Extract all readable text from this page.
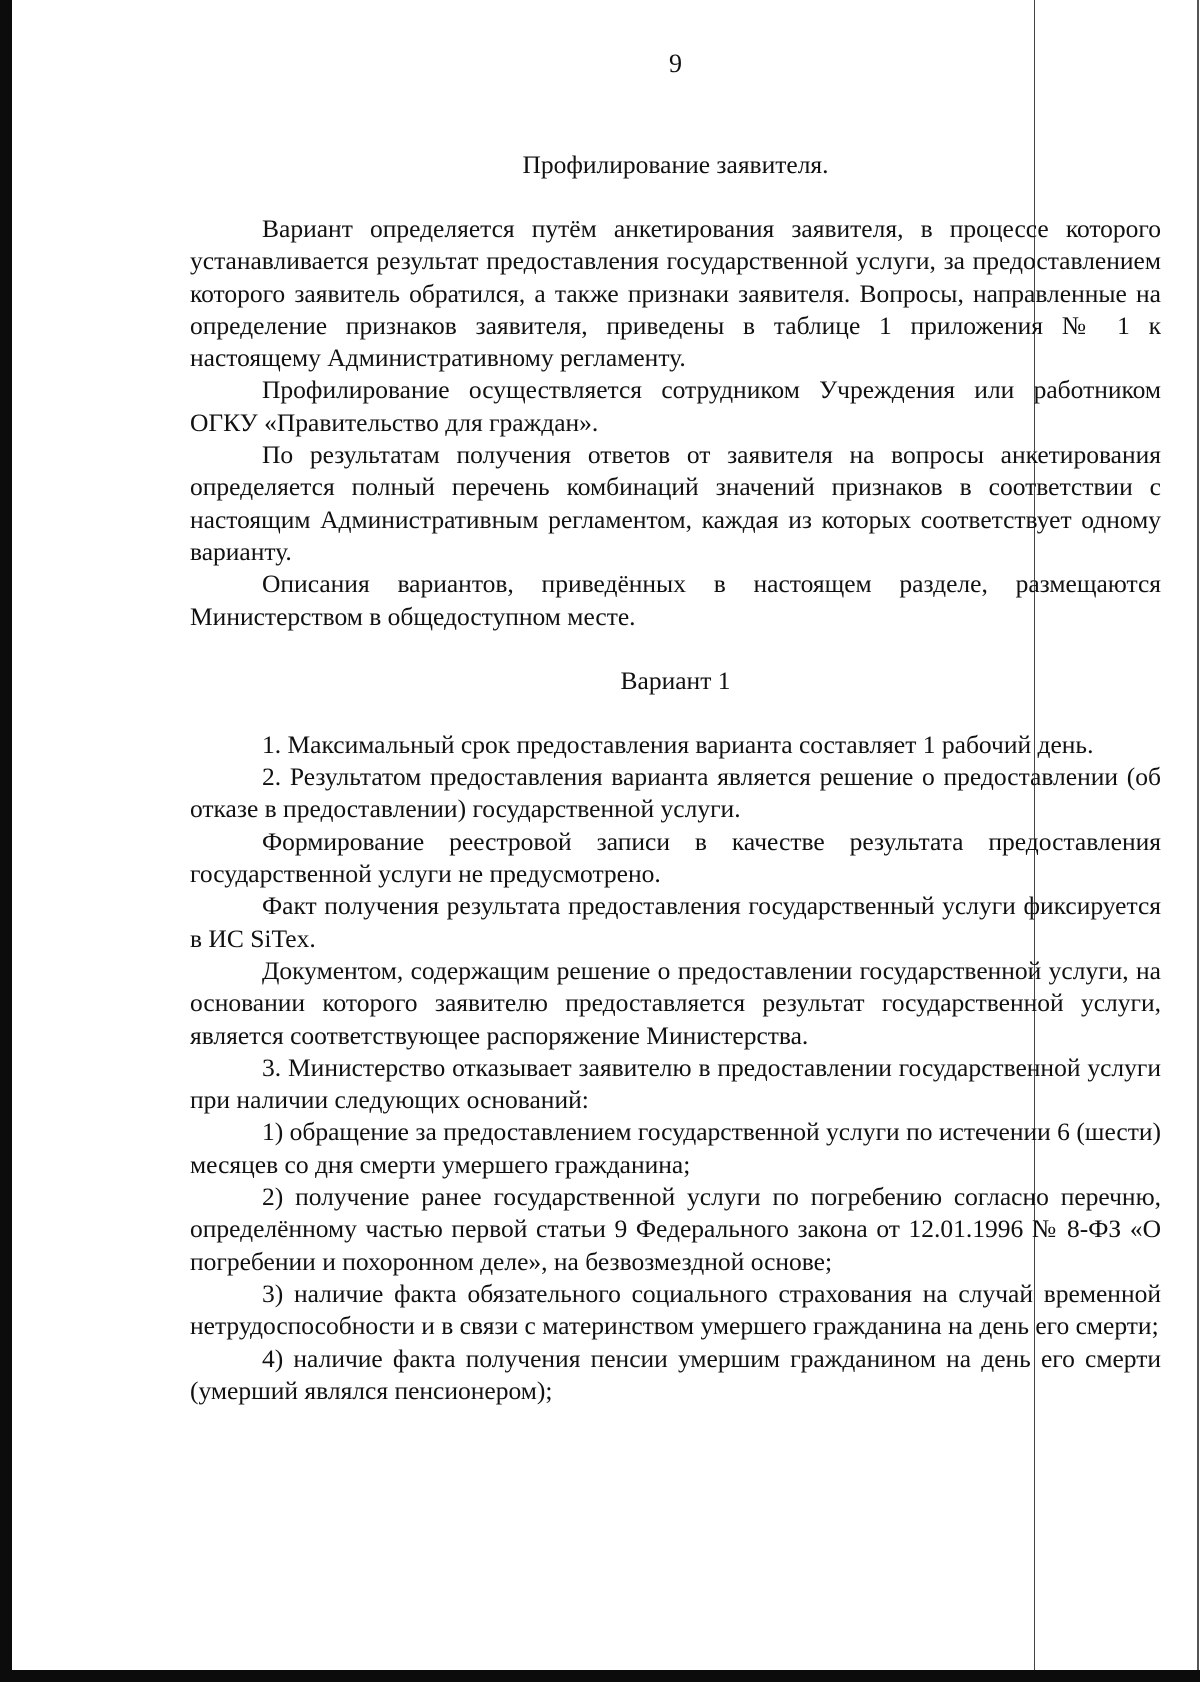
9
Профилирование заявителя.

Вариант определяется путём анкетирования заявителя, в процессе которого устанавливается результат предоставления государственной услуги, за предоставлением которого заявитель обратился, а также признаки заявителя. Вопросы, направленные на определение признаков заявителя, приведены в таблице 1 приложения № 1 к настоящему Административному регламенту.

Профилирование осуществляется сотрудником Учреждения или работником ОГКУ «Правительство для граждан».

По результатам получения ответов от заявителя на вопросы анкетирования определяется полный перечень комбинаций значений признаков в соответствии с настоящим Административным регламентом, каждая из которых соответствует одному варианту.

Описания вариантов, приведённых в настоящем разделе, размещаются Министерством в общедоступном месте.

Вариант 1

1. Максимальный срок предоставления варианта составляет 1 рабочий день.

2. Результатом предоставления варианта является решение о предоставлении (об отказе в предоставлении) государственной услуги.

Формирование реестровой записи в качестве результата предоставления государственной услуги не предусмотрено.

Факт получения результата предоставления государственный услуги фиксируется в ИС SiTex.

Документом, содержащим решение о предоставлении государственной услуги, на основании которого заявителю предоставляется результат государственной услуги, является соответствующее распоряжение Министерства.

3. Министерство отказывает заявителю в предоставлении государственной услуги при наличии следующих оснований:

1) обращение за предоставлением государственной услуги по истечении 6 (шести) месяцев со дня смерти умершего гражданина;

2) получение ранее государственной услуги по погребению согласно перечню, определённому частью первой статьи 9 Федерального закона от 12.01.1996 № 8-ФЗ «О погребении и похоронном деле», на безвозмездной основе;

3) наличие факта обязательного социального страхования на случай временной нетрудоспособности и в связи с материнством умершего гражданина на день его смерти;

4) наличие факта получения пенсии умершим гражданином на день его смерти (умерший являлся пенсионером);
